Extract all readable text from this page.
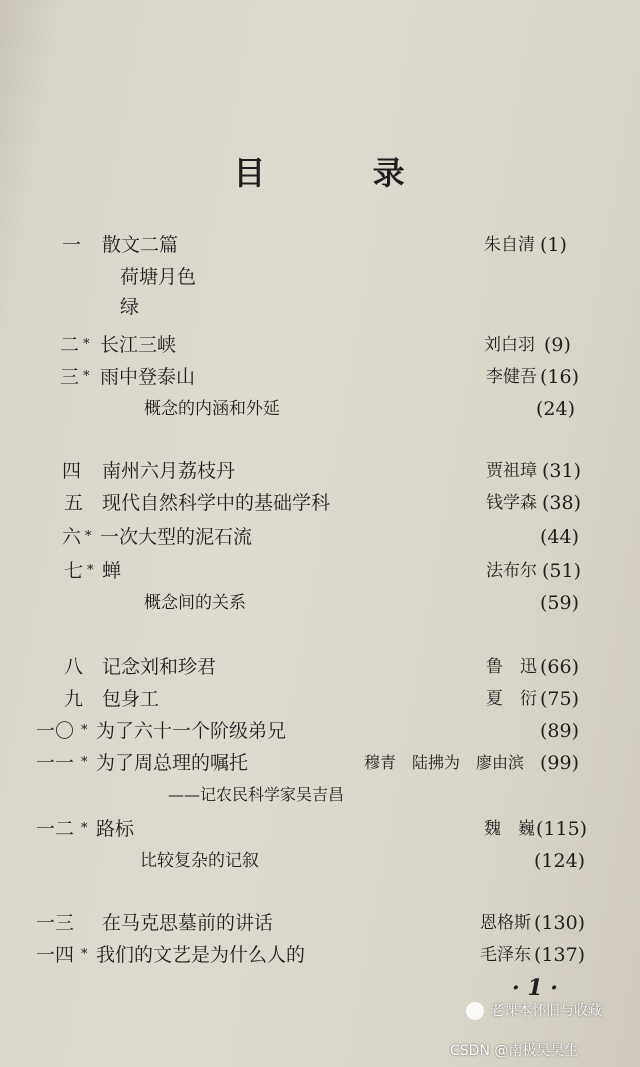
目 录
一 散文二篇	朱自清 (1)
荷塘月色
绿
二 * 长江三峡	刘白羽 (9)
三 * 雨中登泰山	李健吾 (16)
概念的内涵和外延	(24)
四 南州六月荔枝丹	贾祖璋 (31)
五 现代自然科学中的基础学科	钱学森 (38)
六 * 一次大型的泥石流	(44)
七 * 蝉	法布尔 (51)
概念间的关系	(59)
八 记念刘和珍君	鲁　迅 (66)
九 包身工	夏　衍 (75)
一〇 * 为了六十一个阶级弟兄	(89)
一一 * 为了周总理的嘱托	穆青　陆拂为　廖由滨 (99)
——记农民科学家吴吉昌
一二 * 路标	魏　巍 (115)
比较复杂的记叙	(124)
一三 在马克思墓前的讲话	恩格斯 (130)
一四 * 我们的文艺是为什么人的	毛泽东 (137)
· 1 ·
老课本怀旧与收藏
CSDN @南极昊昊生
